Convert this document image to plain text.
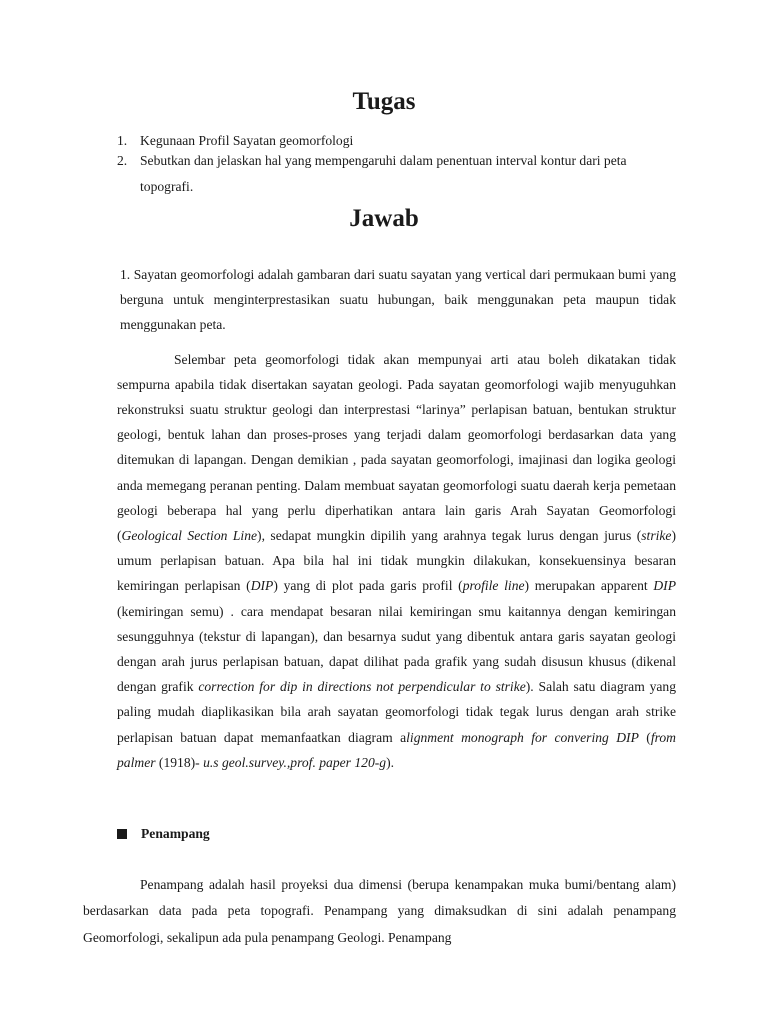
Tugas
1. Kegunaan Profil Sayatan geomorfologi
2. Sebutkan dan jelaskan hal yang mempengaruhi dalam penentuan interval kontur dari peta topografi.
Jawab

1. Sayatan geomorfologi adalah gambaran dari suatu sayatan yang vertical dari permukaan bumi yang berguna untuk menginterprestasikan suatu hubungan, baik menggunakan peta maupun tidak menggunakan peta.

Selembar peta geomorfologi tidak akan mempunyai arti atau boleh dikatakan tidak sempurna apabila tidak disertakan sayatan geologi. Pada sayatan geomorfologi wajib menyuguhkan rekonstruksi suatu struktur geologi dan interprestasi “larinya” perlapisan batuan, bentukan struktur geologi, bentuk lahan dan proses-proses yang terjadi dalam geomorfologi berdasarkan data yang ditemukan di lapangan. Dengan demikian , pada sayatan geomorfologi, imajinasi dan logika geologi anda memegang peranan penting. Dalam membuat sayatan geomorfologi suatu daerah kerja pemetaan geologi beberapa hal yang perlu diperhatikan antara lain garis Arah Sayatan Geomorfologi (Geological Section Line), sedapat mungkin dipilih yang arahnya tegak lurus dengan jurus (strike) umum perlapisan batuan. Apa bila hal ini tidak mungkin dilakukan, konsekuensinya besaran kemiringan perlapisan (DIP) yang di plot pada garis profil (profile line) merupakan apparent DIP (kemiringan semu) . cara mendapat besaran nilai kemiringan smu kaitannya dengan kemiringan sesungguhnya (tekstur di lapangan), dan besarnya sudut yang dibentuk antara garis sayatan geologi dengan arah jurus perlapisan batuan, dapat dilihat pada grafik yang sudah disusun khusus (dikenal dengan grafik correction for dip in directions not perpendicular to strike). Salah satu diagram yang paling mudah diaplikasikan bila arah sayatan geomorfologi tidak tegak lurus dengan arah strike perlapisan batuan dapat memanfaatkan diagram alignment monograph for convering DIP (from palmer (1918)- u.s geol.survey.,prof. paper 120-g).

Penampang

Penampang adalah hasil proyeksi dua dimensi (berupa kenampakan muka bumi/bentang alam) berdasarkan data pada peta topografi. Penampang yang dimaksudkan di sini adalah penampang Geomorfologi, sekalipun ada pula penampang Geologi. Penampang
